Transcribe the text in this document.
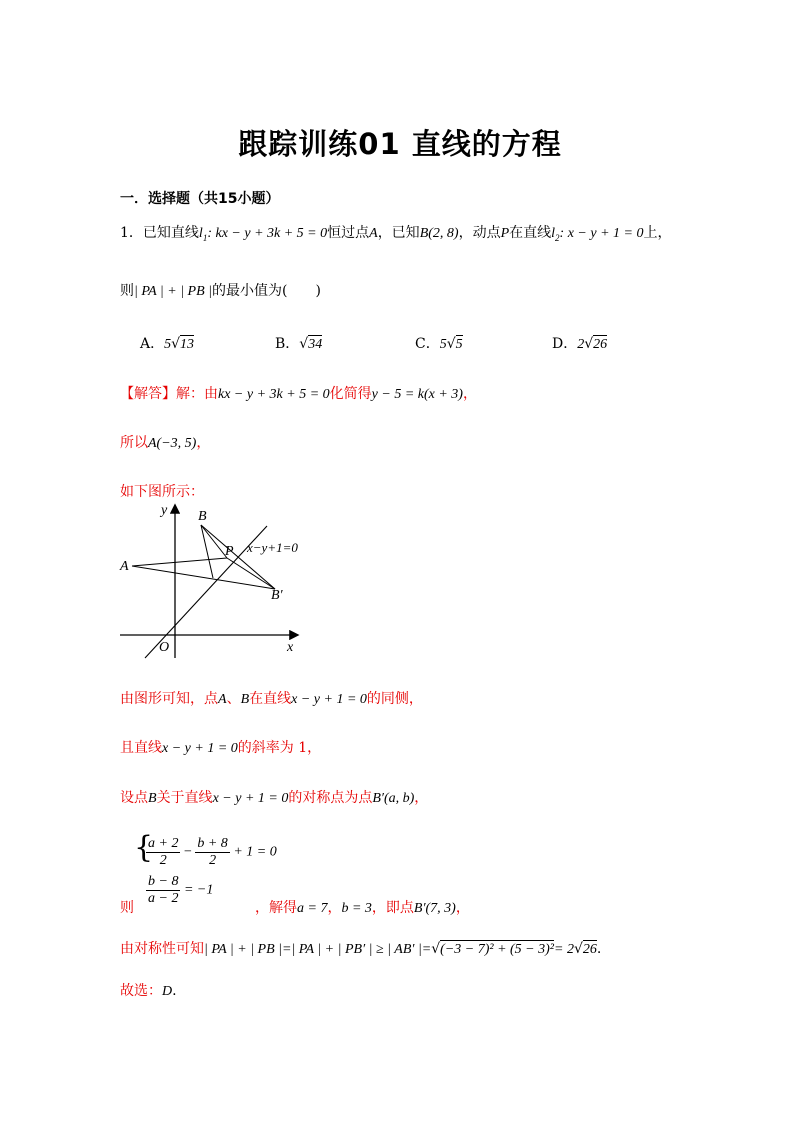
跟踪训练01 直线的方程
一．选择题（共15小题）
1．已知直线$l_1$: kx − y + 3k + 5 = 0恒过点A，已知B(2, 8)，动点P在直线$l_2$: x − y + 1 = 0上，
则| PA | + | PB |的最小值为(　　)
A．5√13	B．√34	C．5√5	D．2√26
【解答】解：由kx − y + 3k + 5 = 0化简得y − 5 = k(x + 3)，
所以A(−3, 5)，
如下图所示：
y
x
O
A
B
P
B′
x−y+1=0
由图形可知，点A、B在直线x − y + 1 = 0的同侧，
且直线x − y + 1 = 0的斜率为 1，
设点B关于直线x − y + 1 = 0的对称点为点B′(a, b)，
{
$\frac{a + 2}{2} - \frac{b + 8}{2} + 1 = 0$
$\frac{b - 8}{a - 2} = -1$
则	，解得a = 7，b = 3，即点B′(7, 3)，
由对称性可知| PA | + | PB |=| PA | + | PB′ | ≥ | AB′ |=√(−3 − 7)² + (5 − 3)²= 2√26.
故选：D.
